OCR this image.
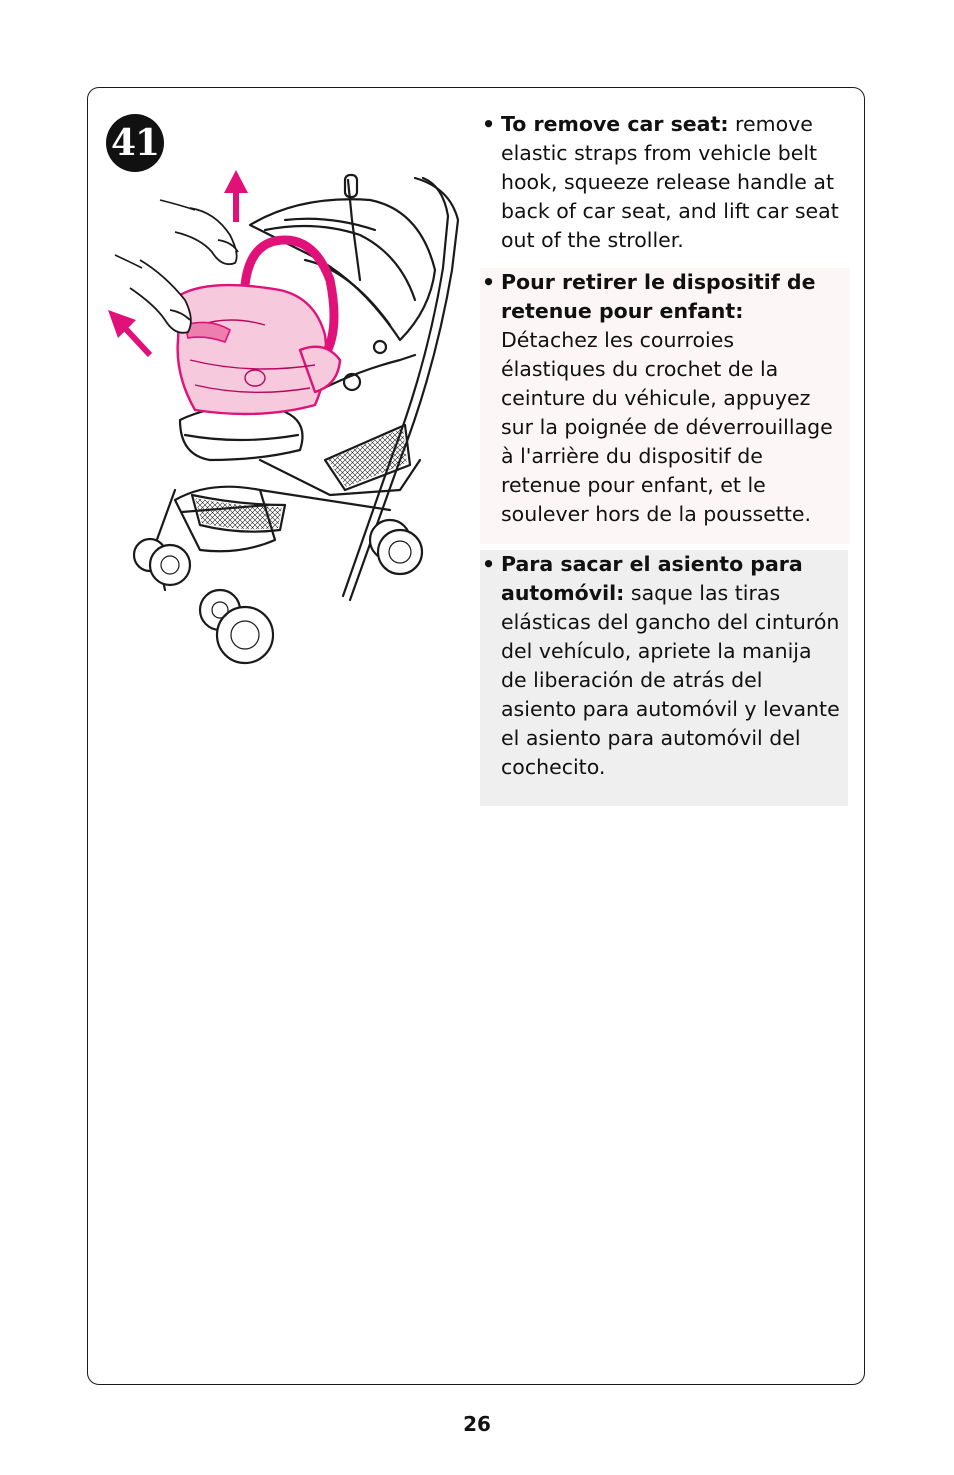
41	• To remove car seat: remove elastic straps from vehicle belt hook, squeeze release handle at back of car seat, and lift car seat out of the stroller.
• Pour retirer le dispositif de retenue pour enfant: Détachez les courroies élastiques du crochet de la ceinture du véhicule, appuyez sur la poignée de déverrouillage à l'arrière du dispositif de retenue pour enfant, et le soulever hors de la poussette.
• Para sacar el asiento para automóvil: saque las tiras elásticas del gancho del cinturón del vehículo, apriete la manija de liberación de atrás del asiento para automóvil y levante el asiento para automóvil del cochecito.
26
